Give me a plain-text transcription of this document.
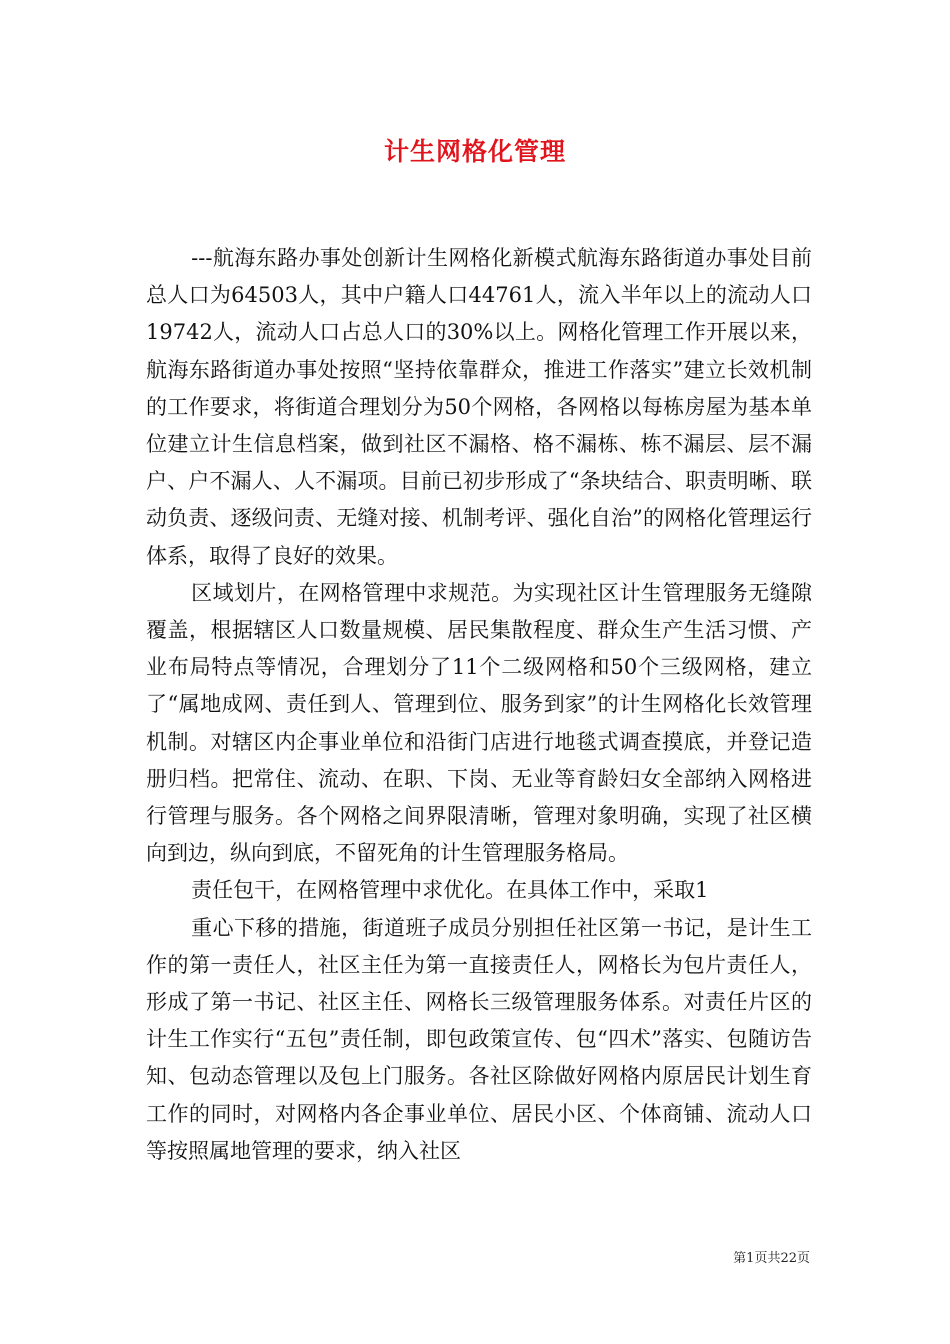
计生网格化管理

---航海东路办事处创新计生网格化新模式航海东路街道办事处目前总人口为64503人，其中户籍人口44761人，流入半年以上的流动人口19742人，流动人口占总人口的30%以上。网格化管理工作开展以来，航海东路街道办事处按照“坚持依靠群众，推进工作落实”建立长效机制的工作要求，将街道合理划分为50个网格，各网格以每栋房屋为基本单位建立计生信息档案，做到社区不漏格、格不漏栋、栋不漏层、层不漏户、户不漏人、人不漏项。目前已初步形成了“条块结合、职责明晰、联动负责、逐级问责、无缝对接、机制考评、强化自治”的网格化管理运行体系，取得了良好的效果。

区域划片，在网格管理中求规范。为实现社区计生管理服务无缝隙覆盖，根据辖区人口数量规模、居民集散程度、群众生产生活习惯、产业布局特点等情况，合理划分了11个二级网格和50个三级网格，建立了“属地成网、责任到人、管理到位、服务到家”的计生网格化长效管理机制。对辖区内企事业单位和沿街门店进行地毯式调查摸底，并登记造册归档。把常住、流动、在职、下岗、无业等育龄妇女全部纳入网格进行管理与服务。各个网格之间界限清晰，管理对象明确，实现了社区横向到边，纵向到底，不留死角的计生管理服务格局。

责任包干，在网格管理中求优化。在具体工作中，采取1

重心下移的措施，街道班子成员分别担任社区第一书记，是计生工作的第一责任人，社区主任为第一直接责任人，网格长为包片责任人，形成了第一书记、社区主任、网格长三级管理服务体系。对责任片区的计生工作实行“五包”责任制，即包政策宣传、包“四术”落实、包随访告知、包动态管理以及包上门服务。各社区除做好网格内原居民计划生育工作的同时，对网格内各企事业单位、居民小区、个体商铺、流动人口等按照属地管理的要求，纳入社区

第1页共22页
